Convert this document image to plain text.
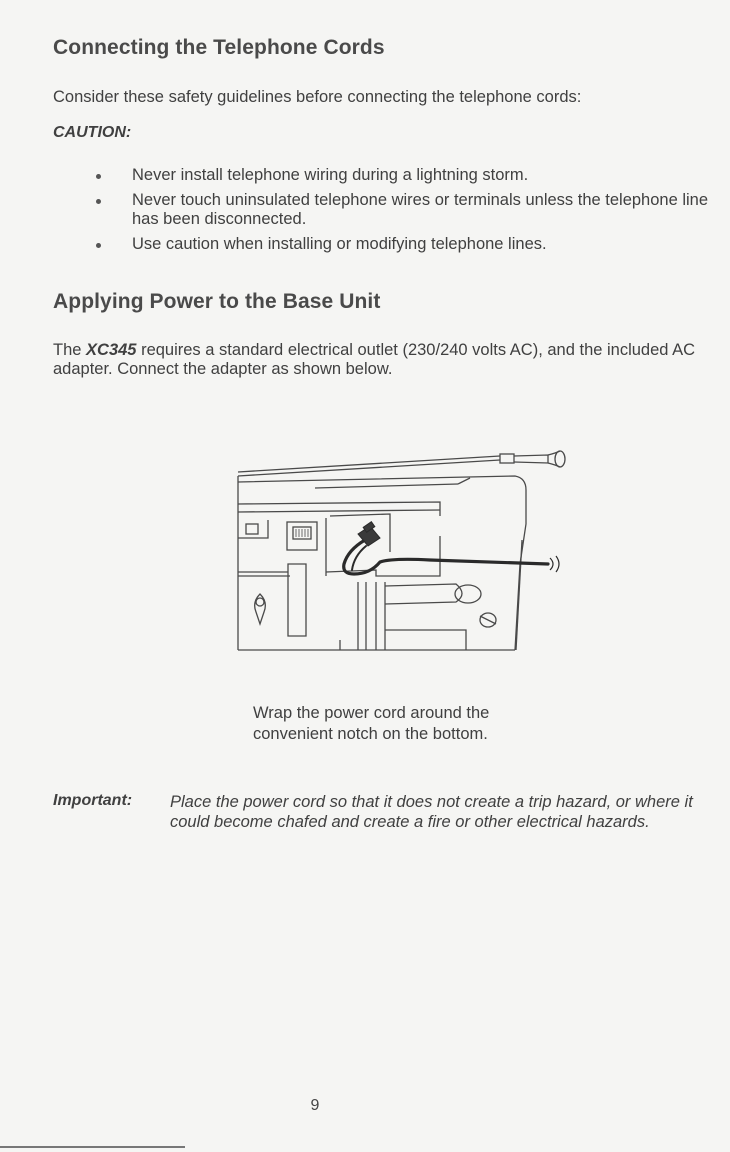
Connecting the Telephone Cords

Consider these safety guidelines before connecting the telephone cords:

CAUTION:

Never install telephone wiring during a lightning storm.
Never touch uninsulated telephone wires or terminals unless the telephone line has been disconnected.
Use caution when installing or modifying telephone lines.
Applying Power to the Base Unit

The XC345 requires a standard electrical outlet (230/240 volts AC), and the included AC adapter. Connect the adapter as shown below.

Wrap the power cord around the
convenient notch on the bottom.

Important: Place the power cord so that it does not create a trip hazard, or where it could become chafed and create a fire or other electrical hazards.

9
